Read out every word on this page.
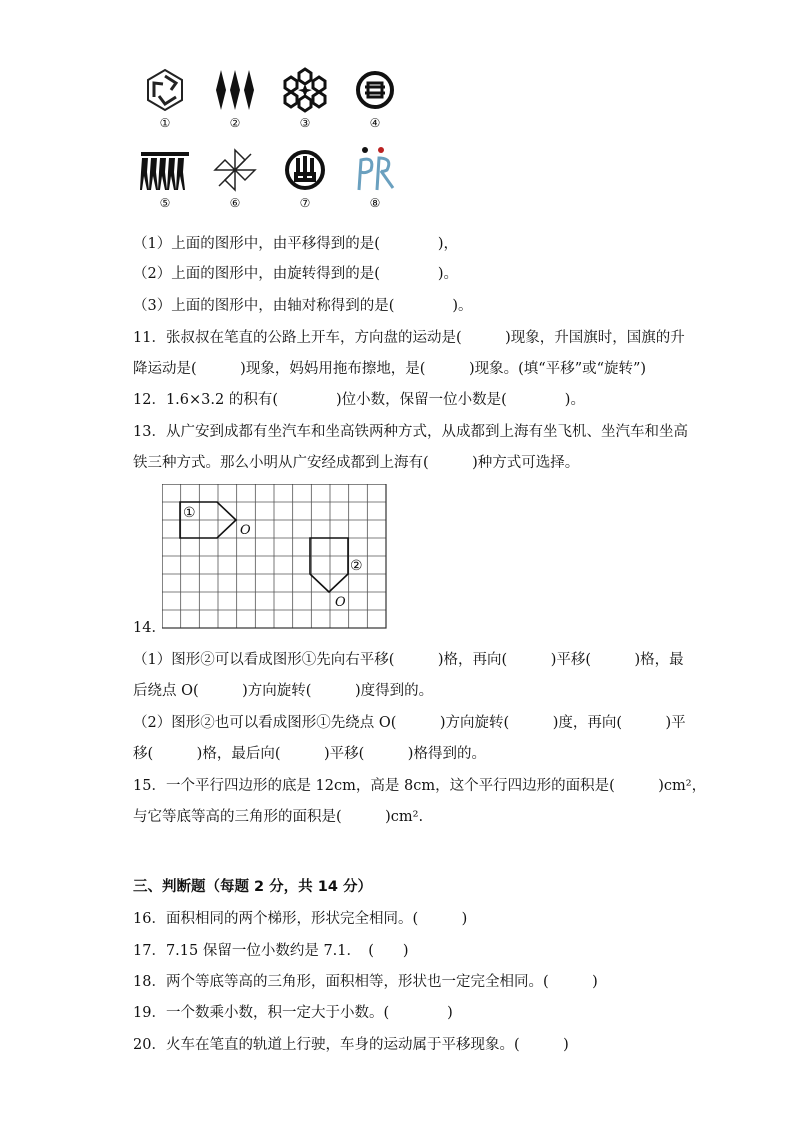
①	②	③	④
⑤	⑥	⑦	⑧
（1）上面的图形中，由平移得到的是(　　　　)，
（2）上面的图形中，由旋转得到的是(　　　　)。
（3）上面的图形中，由轴对称得到的是(　　　　)。
11．张叔叔在笔直的公路上开车，方向盘的运动是(　　　)现象，升国旗时，国旗的升
降运动是(　　　)现象，妈妈用拖布擦地，是(　　　)现象。(填“平移”或“旋转”)
12．1.6×3.2 的积有(　　　　)位小数，保留一位小数是(　　　　)。
13．从广安到成都有坐汽车和坐高铁两种方式，从成都到上海有坐飞机、坐汽车和坐高
铁三种方式。那么小明从广安经成都到上海有(　　　)种方式可选择。
①
②
O
O
14．
（1）图形②可以看成图形①先向右平移(　　　)格，再向(　　　)平移(　　　)格，最
后绕点 O(　　　)方向旋转(　　　)度得到的。
（2）图形②也可以看成图形①先绕点 O(　　　)方向旋转(　　　)度，再向(　　　)平
移(　　　)格，最后向(　　　)平移(　　　)格得到的。
15．一个平行四边形的底是 12cm，高是 8cm，这个平行四边形的面积是(　　　)cm²，
与它等底等高的三角形的面积是(　　　)cm².
三、判断题（每题 2 分，共 14 分）
16．面积相同的两个梯形，形状完全相同。(　　　)
17．7.15 保留一位小数约是 7.1．　(　　)
18．两个等底等高的三角形，面积相等，形状也一定完全相同。(　　　)
19．一个数乘小数，积一定大于小数。(　　　　)
20．火车在笔直的轨道上行驶，车身的运动属于平移现象。(　　　)
